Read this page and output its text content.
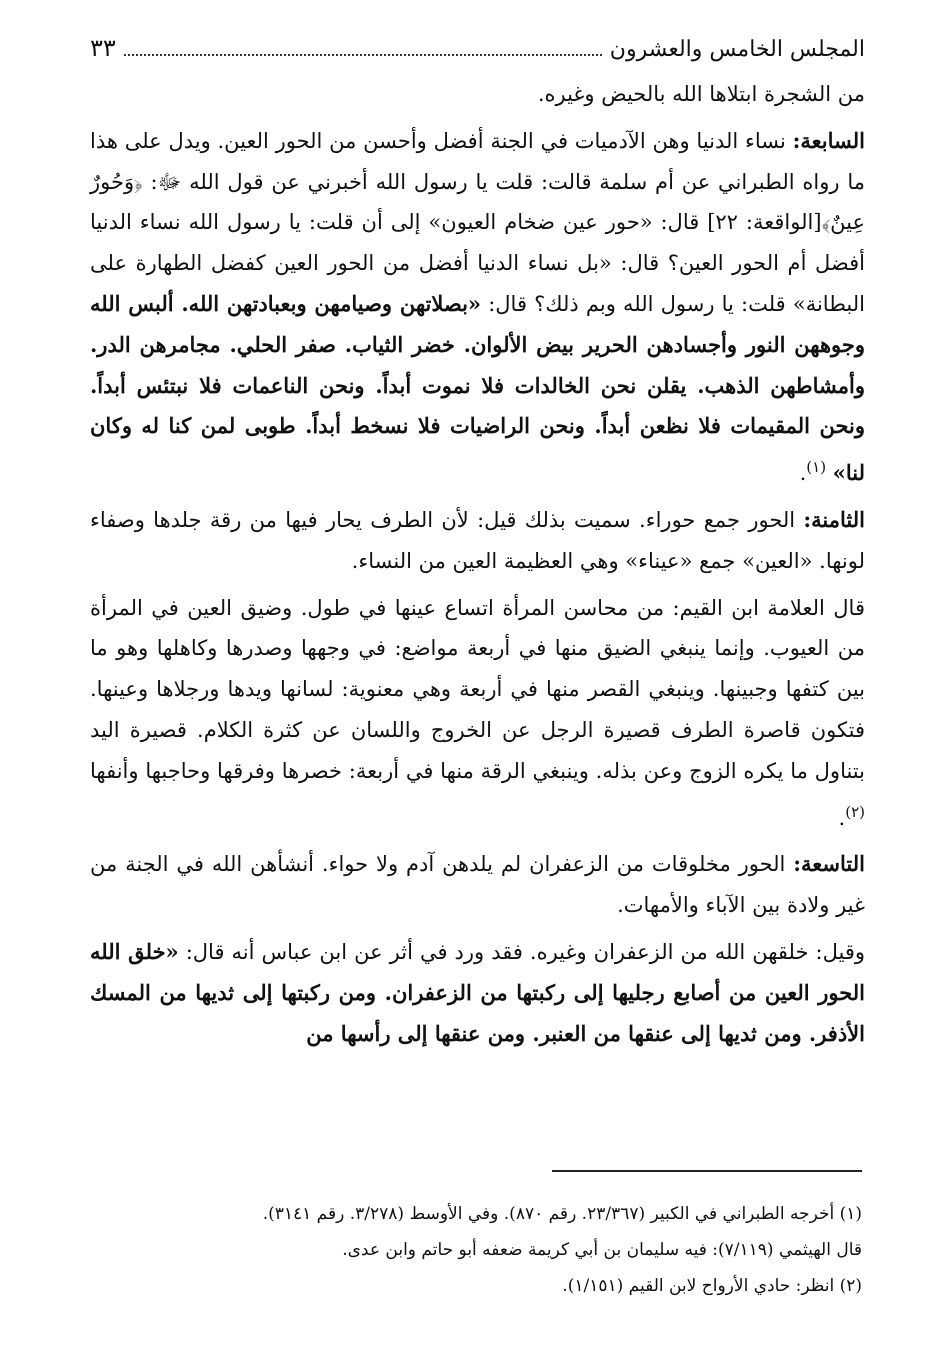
المجلس الخامس والعشرون
٣٣

من الشجرة ابتلاها الله بالحيض وغيره.

السابعة: نساء الدنيا وهن الآدميات في الجنة أفضل وأحسن من الحور العين. ويدل على هذا ما رواه الطبراني عن أم سلمة قالت: قلت يا رسول الله أخبرني عن قول الله ﷻ: ﴿وَحُورٌ عِينٌ﴾[الواقعة: ٢٢] قال: «حور عين ضخام العيون» إلى أن قلت: يا رسول الله نساء الدنيا أفضل أم الحور العين؟ قال: «بل نساء الدنيا أفضل من الحور العين كفضل الطهارة على البطانة» قلت: يا رسول الله وبم ذلك؟ قال: «بصلاتهن وصيامهن وبعبادتهن الله. ألبس الله وجوههن النور وأجسادهن الحرير بيض الألوان. خضر الثياب. صفر الحلي. مجامرهن الدر. وأمشاطهن الذهب. يقلن نحن الخالدات فلا نموت أبداً. ونحن الناعمات فلا نبتئس أبداً. ونحن المقيمات فلا نظعن أبداً. ونحن الراضيات فلا نسخط أبداً. طوبى لمن كنا له وكان لنا» $^{(١)}$.

الثامنة: الحور جمع حوراء. سميت بذلك قيل: لأن الطرف يحار فيها من رقة جلدها وصفاء لونها. «العين» جمع «عيناء» وهي العظيمة العين من النساء.

قال العلامة ابن القيم: من محاسن المرأة اتساع عينها في طول. وضيق العين في المرأة من العيوب. وإنما ينبغي الضيق منها في أربعة مواضع: في وجهها وصدرها وكاهلها وهو ما بين كتفها وجبينها. وينبغي القصر منها في أربعة وهي معنوية: لسانها ويدها ورجلاها وعينها. فتكون قاصرة الطرف قصيرة الرجل عن الخروج واللسان عن كثرة الكلام. قصيرة اليد بتناول ما يكره الزوج وعن بذله. وينبغي الرقة منها في أربعة: خصرها وفرقها وحاجبها وأنفها $^{(٢)}$.

التاسعة: الحور مخلوقات من الزعفران لم يلدهن آدم ولا حواء. أنشأهن الله في الجنة من غير ولادة بين الآباء والأمهات.

وقيل: خلقهن الله من الزعفران وغيره. فقد ورد في أثر عن ابن عباس أنه قال: «خلق الله الحور العين من أصابع رجليها إلى ركبتها من الزعفران. ومن ركبتها إلى ثديها من المسك الأذفر. ومن ثديها إلى عنقها من العنبر. ومن عنقها إلى رأسها من

(١) أخرجه الطبراني في الكبير (٢٣/٣٦٧. رقم ٨٧٠). وفي الأوسط (٣/٢٧٨. رقم ٣١٤١).
قال الهيثمي (٧/١١٩): فيه سليمان بن أبي كريمة ضعفه أبو حاتم وابن عدى.
(٢) انظر: حادي الأرواح لابن القيم (١/١٥١).
